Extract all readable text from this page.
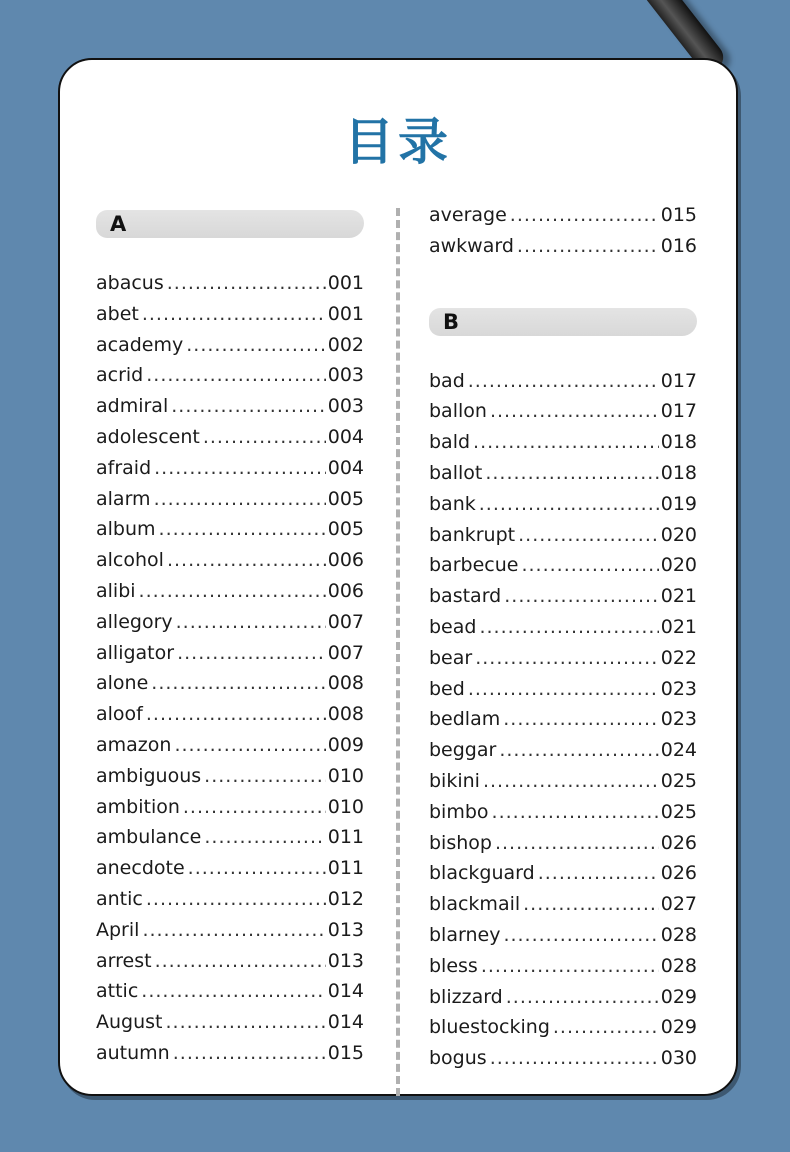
目录
A
abacus .....	001
abet .....	001
academy .....	002
acrid .....	003
admiral .....	003
adolescent .....	004
afraid .....	004
alarm .....	005
album .....	005
alcohol .....	006
alibi .....	006
allegory .....	007
alligator .....	007
alone .....	008
aloof .....	008
amazon .....	009
ambiguous .....	010
ambition .....	010
ambulance .....	011
anecdote .....	011
antic .....	012
April .....	013
arrest .....	013
attic .....	014
August .....	014
autumn .....	015
average .....	015
awkward .....	016
B
bad .....	017
ballon .....	017
bald .....	018
ballot .....	018
bank .....	019
bankrupt .....	020
barbecue .....	020
bastard .....	021
bead .....	021
bear .....	022
bed .....	023
bedlam .....	023
beggar .....	024
bikini .....	025
bimbo .....	025
bishop .....	026
blackguard .....	026
blackmail .....	027
blarney .....	028
bless .....	028
blizzard .....	029
bluestocking .....	029
bogus .....	030
